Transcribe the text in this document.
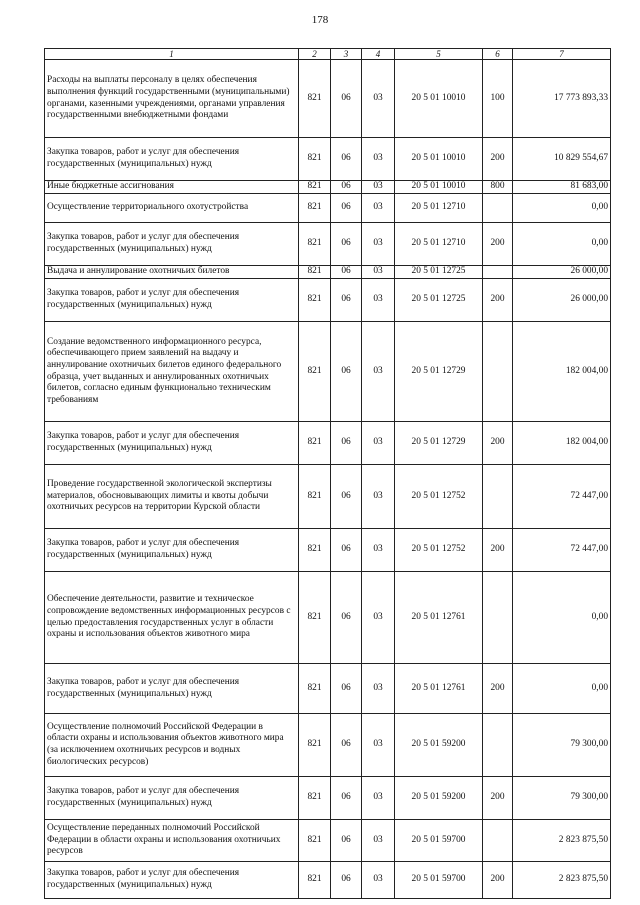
178
1	2	3	4	5	6	7
Расходы на выплаты персоналу в целях обеспечения выполнения функций государственными (муниципальными) органами, казенными учреждениями, органами управления государственными внебюджетными фондами	821	06	03	20 5 01 10010	100	17 773 893,33
Закупка товаров, работ и услуг для обеспечения государственных (муниципальных) нужд	821	06	03	20 5 01 10010	200	10 829 554,67
Иные бюджетные ассигнования	821	06	03	20 5 01 10010	800	81 683,00
Осуществление территориального охотустройства	821	06	03	20 5 01 12710		0,00
Закупка товаров, работ и услуг для обеспечения государственных (муниципальных) нужд	821	06	03	20 5 01 12710	200	0,00
Выдача и аннулирование охотничьих билетов	821	06	03	20 5 01 12725		26 000,00
Закупка товаров, работ и услуг для обеспечения государственных (муниципальных) нужд	821	06	03	20 5 01 12725	200	26 000,00
Создание ведомственного информационного ресурса, обеспечивающего прием заявлений на выдачу и аннулирование охотничьих билетов единого федерального образца, учет выданных и аннулированных охотничьих билетов, согласно единым функционально техническим требованиям	821	06	03	20 5 01 12729		182 004,00
Закупка товаров, работ и услуг для обеспечения государственных (муниципальных) нужд	821	06	03	20 5 01 12729	200	182 004,00
Проведение государственной экологической экспертизы материалов, обосновывающих лимиты и квоты добычи охотничьих ресурсов на территории Курской области	821	06	03	20 5 01 12752		72 447,00
Закупка товаров, работ и услуг для обеспечения государственных (муниципальных) нужд	821	06	03	20 5 01 12752	200	72 447,00
Обеспечение деятельности, развитие и техническое сопровождение ведомственных информационных ресурсов с целью предоставления государственных услуг в области охраны и использования объектов животного мира	821	06	03	20 5 01 12761		0,00
Закупка товаров, работ и услуг для обеспечения государственных (муниципальных) нужд	821	06	03	20 5 01 12761	200	0,00
Осуществление полномочий Российской Федерации в области охраны и использования объектов животного мира (за исключением охотничьих ресурсов и водных биологических ресурсов)	821	06	03	20 5 01 59200		79 300,00
Закупка товаров, работ и услуг для обеспечения государственных (муниципальных) нужд	821	06	03	20 5 01 59200	200	79 300,00
Осуществление переданных полномочий Российской Федерации в области охраны и использования охотничьих ресурсов	821	06	03	20 5 01 59700		2 823 875,50
Закупка товаров, работ и услуг для обеспечения государственных (муниципальных) нужд	821	06	03	20 5 01 59700	200	2 823 875,50
